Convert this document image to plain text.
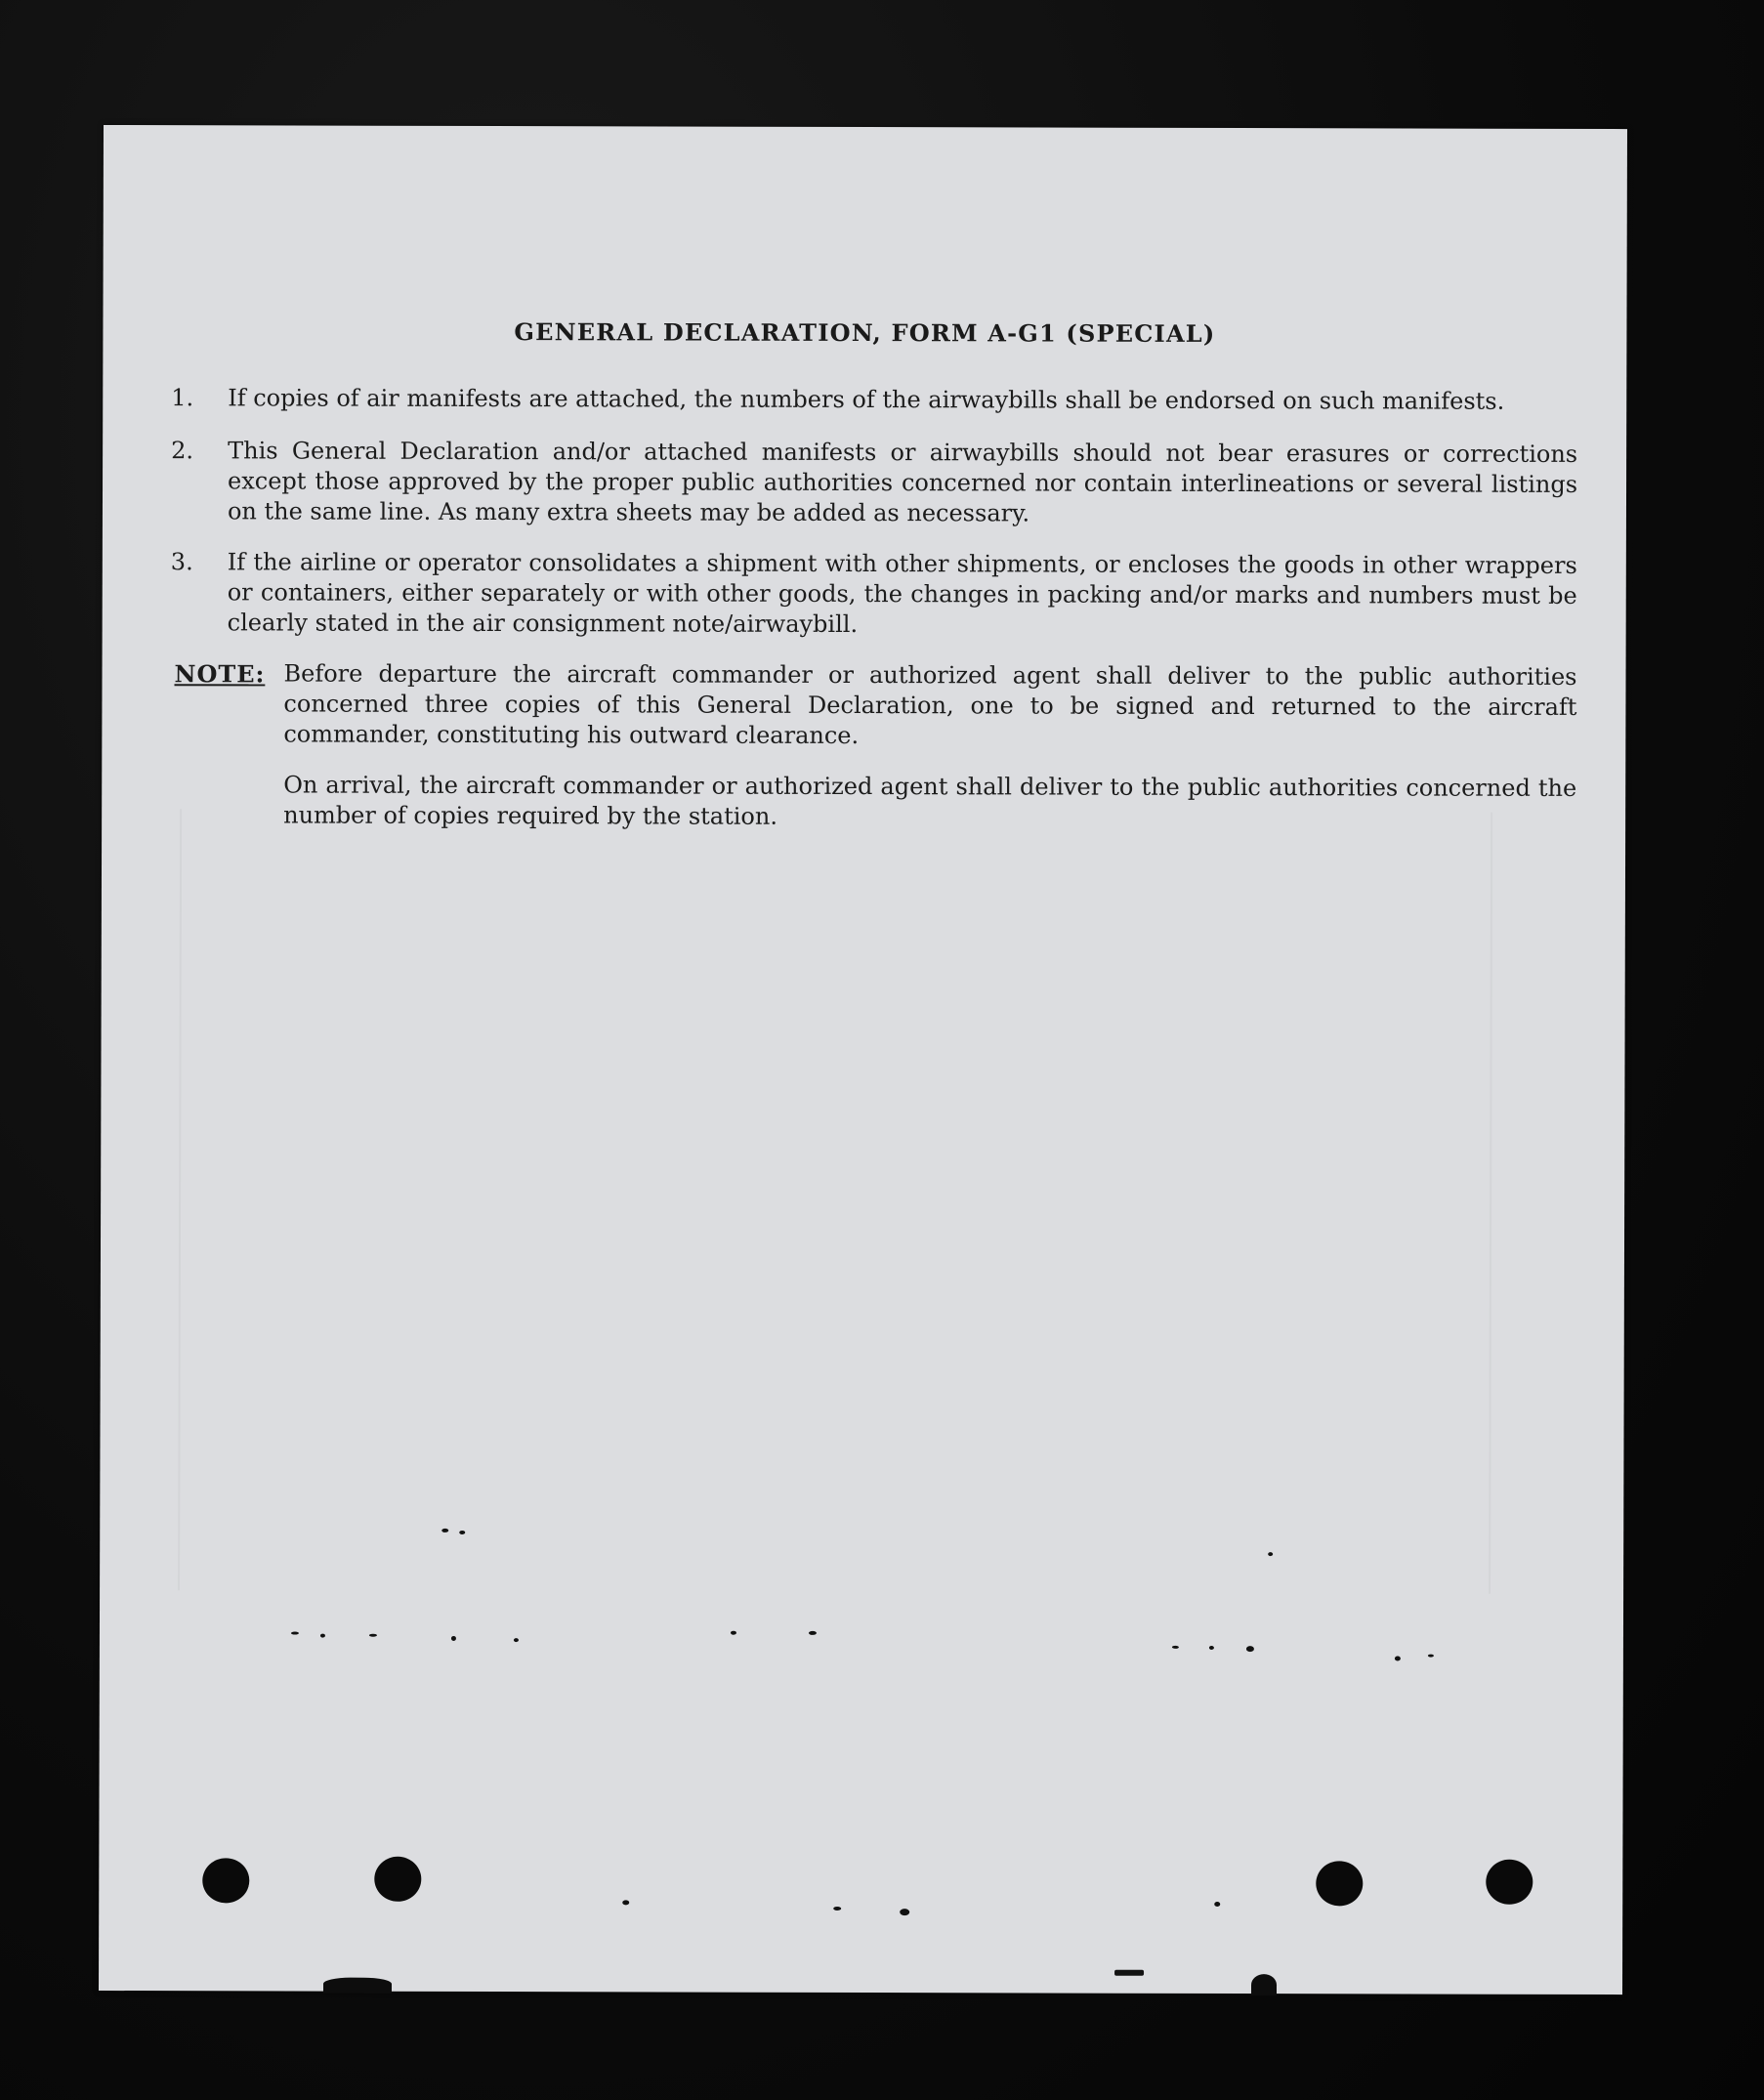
GENERAL DECLARATION, FORM A-G1 (SPECIAL)
1. If copies of air manifests are attached, the numbers of the airwaybills shall be endorsed on such manifests.
2. This General Declaration and/or attached manifests or airwaybills should not bear erasures or corrections except those approved by the proper public authorities concerned nor contain interlineations or several listings on the same line. As many extra sheets may be added as necessary.
3. If the airline or operator consolidates a shipment with other shipments, or encloses the goods in other wrappers or containers, either separately or with other goods, the changes in packing and/or marks and numbers must be clearly stated in the air consignment note/airwaybill.
NOTE: Before departure the aircraft commander or authorized agent shall deliver to the public authorities concerned three copies of this General Declaration, one to be signed and returned to the aircraft commander, constituting his outward clearance.
On arrival, the aircraft commander or authorized agent shall deliver to the public authorities concerned the number of copies required by the station.
